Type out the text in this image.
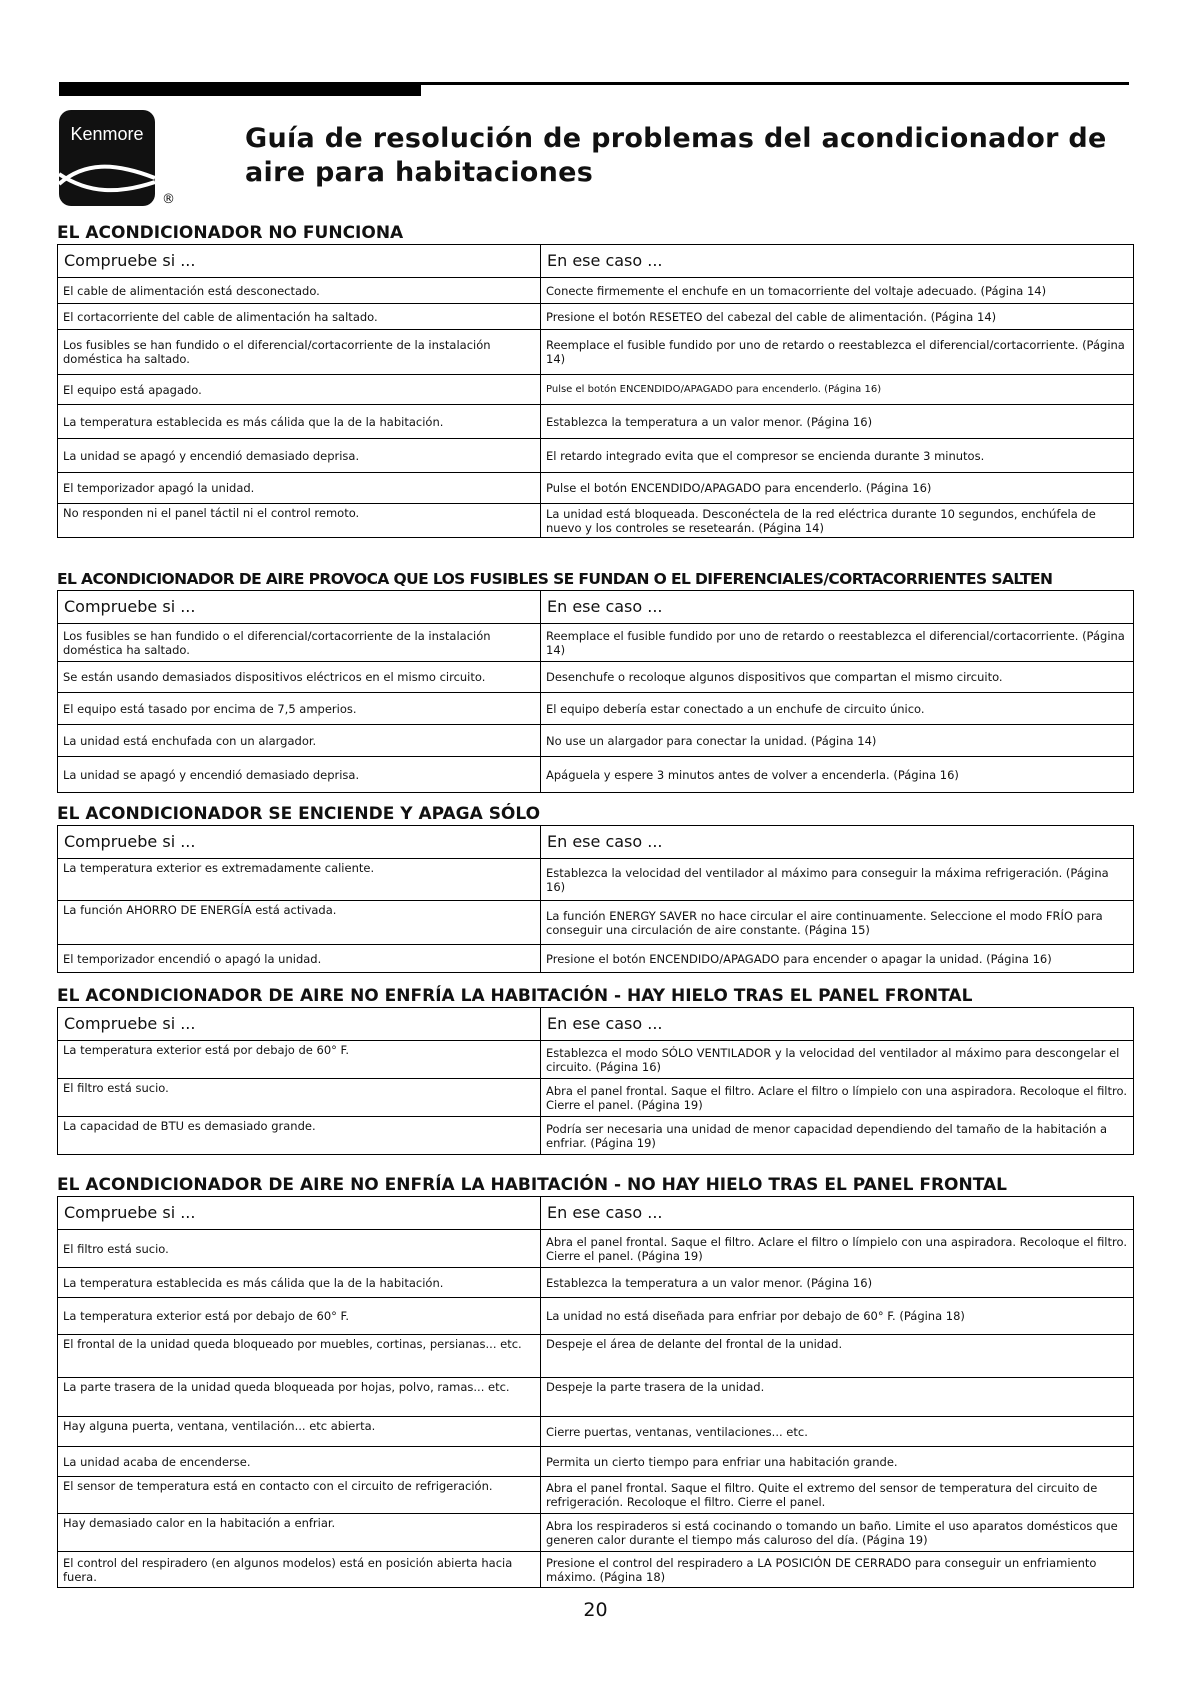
Kenmore
®
Guía de resolución de problemas del acondicionador de aire para habitaciones
EL ACONDICIONADOR NO FUNCIONA
Compruebe si ...	En ese caso ...
El cable de alimentación está desconectado.	Conecte firmemente el enchufe en un tomacorriente del voltaje adecuado. (Página 14)
El cortacorriente del cable de alimentación ha saltado.	Presione el botón RESETEO del cabezal del cable de alimentación. (Página 14)
Los fusibles se han fundido o el diferencial/cortacorriente de la instalación doméstica ha saltado.	Reemplace el fusible fundido por uno de retardo o reestablezca el diferencial/cortacorriente. (Página 14)
El equipo está apagado.	Pulse el botón ENCENDIDO/APAGADO para encenderlo. (Página 16)
La temperatura establecida es más cálida que la de la habitación.	Establezca la temperatura a un valor menor. (Página 16)
La unidad se apagó y encendió demasiado deprisa.	El retardo integrado evita que el compresor se encienda durante 3 minutos.
El temporizador apagó la unidad.	Pulse el botón ENCENDIDO/APAGADO para encenderlo. (Página 16)
No responden ni el panel táctil ni el control remoto.	La unidad está bloqueada. Desconéctela de la red eléctrica durante 10 segundos, enchúfela de nuevo y los controles se resetearán. (Página 14)
EL ACONDICIONADOR DE AIRE PROVOCA QUE LOS FUSIBLES SE FUNDAN O EL DIFERENCIALES/CORTACORRIENTES SALTEN
Compruebe si ...	En ese caso ...
Los fusibles se han fundido o el diferencial/cortacorriente de la instalación doméstica ha saltado.	Reemplace el fusible fundido por uno de retardo o reestablezca el diferencial/cortacorriente. (Página 14)
Se están usando demasiados dispositivos eléctricos en el mismo circuito.	Desenchufe o recoloque algunos dispositivos que compartan el mismo circuito.
El equipo está tasado por encima de 7,5 amperios.	El equipo debería estar conectado a un enchufe de circuito único.
La unidad está enchufada con un alargador.	No use un alargador para conectar la unidad. (Página 14)
La unidad se apagó y encendió demasiado deprisa.	Apáguela y espere 3 minutos antes de volver a encenderla. (Página 16)
EL ACONDICIONADOR SE ENCIENDE Y APAGA SÓLO
Compruebe si ...	En ese caso ...
La temperatura exterior es extremadamente caliente.	Establezca la velocidad del ventilador al máximo para conseguir la máxima refrigeración. (Página 16)
La función AHORRO DE ENERGÍA está activada.	La función ENERGY SAVER no hace circular el aire continuamente. Seleccione el modo FRÍO para conseguir una circulación de aire constante. (Página 15)
El temporizador encendió o apagó la unidad.	Presione el botón ENCENDIDO/APAGADO para encender o apagar la unidad. (Página 16)
EL ACONDICIONADOR DE AIRE NO ENFRÍA LA HABITACIÓN - HAY HIELO TRAS EL PANEL FRONTAL
Compruebe si ...	En ese caso ...
La temperatura exterior está por debajo de 60° F.	Establezca el modo SÓLO VENTILADOR y la velocidad del ventilador al máximo para descongelar el circuito. (Página 16)
El filtro está sucio.	Abra el panel frontal. Saque el filtro. Aclare el filtro o límpielo con una aspiradora. Recoloque el filtro. Cierre el panel. (Página 19)
La capacidad de BTU es demasiado grande.	Podría ser necesaria una unidad de menor capacidad dependiendo del tamaño de la habitación a enfriar. (Página 19)
EL ACONDICIONADOR DE AIRE NO ENFRÍA LA HABITACIÓN - NO HAY HIELO TRAS EL PANEL FRONTAL
Compruebe si ...	En ese caso ...
El filtro está sucio.	Abra el panel frontal. Saque el filtro. Aclare el filtro o límpielo con una aspiradora. Recoloque el filtro. Cierre el panel. (Página 19)
La temperatura establecida es más cálida que la de la habitación.	Establezca la temperatura a un valor menor. (Página 16)
La temperatura exterior está por debajo de 60° F.	La unidad no está diseñada para enfriar por debajo de 60° F. (Página 18)
El frontal de la unidad queda bloqueado por muebles, cortinas, persianas... etc.	Despeje el área de delante del frontal de la unidad.
La parte trasera de la unidad queda bloqueada por hojas, polvo, ramas... etc.	Despeje la parte trasera de la unidad.
Hay alguna puerta, ventana, ventilación... etc abierta.	Cierre puertas, ventanas, ventilaciones... etc.
La unidad acaba de encenderse.	Permita un cierto tiempo para enfriar una habitación grande.
El sensor de temperatura está en contacto con el circuito de refrigeración.	Abra el panel frontal. Saque el filtro. Quite el extremo del sensor de temperatura del circuito de refrigeración. Recoloque el filtro. Cierre el panel.
Hay demasiado calor en la habitación a enfriar.	Abra los respiraderos si está cocinando o tomando un baño. Limite el uso aparatos domésticos que generen calor durante el tiempo más caluroso del día. (Página 19)
El control del respiradero (en algunos modelos) está en posición abierta hacia fuera.	Presione el control del respiradero a LA POSICIÓN DE CERRADO para conseguir un enfriamiento máximo. (Página 18)
20
